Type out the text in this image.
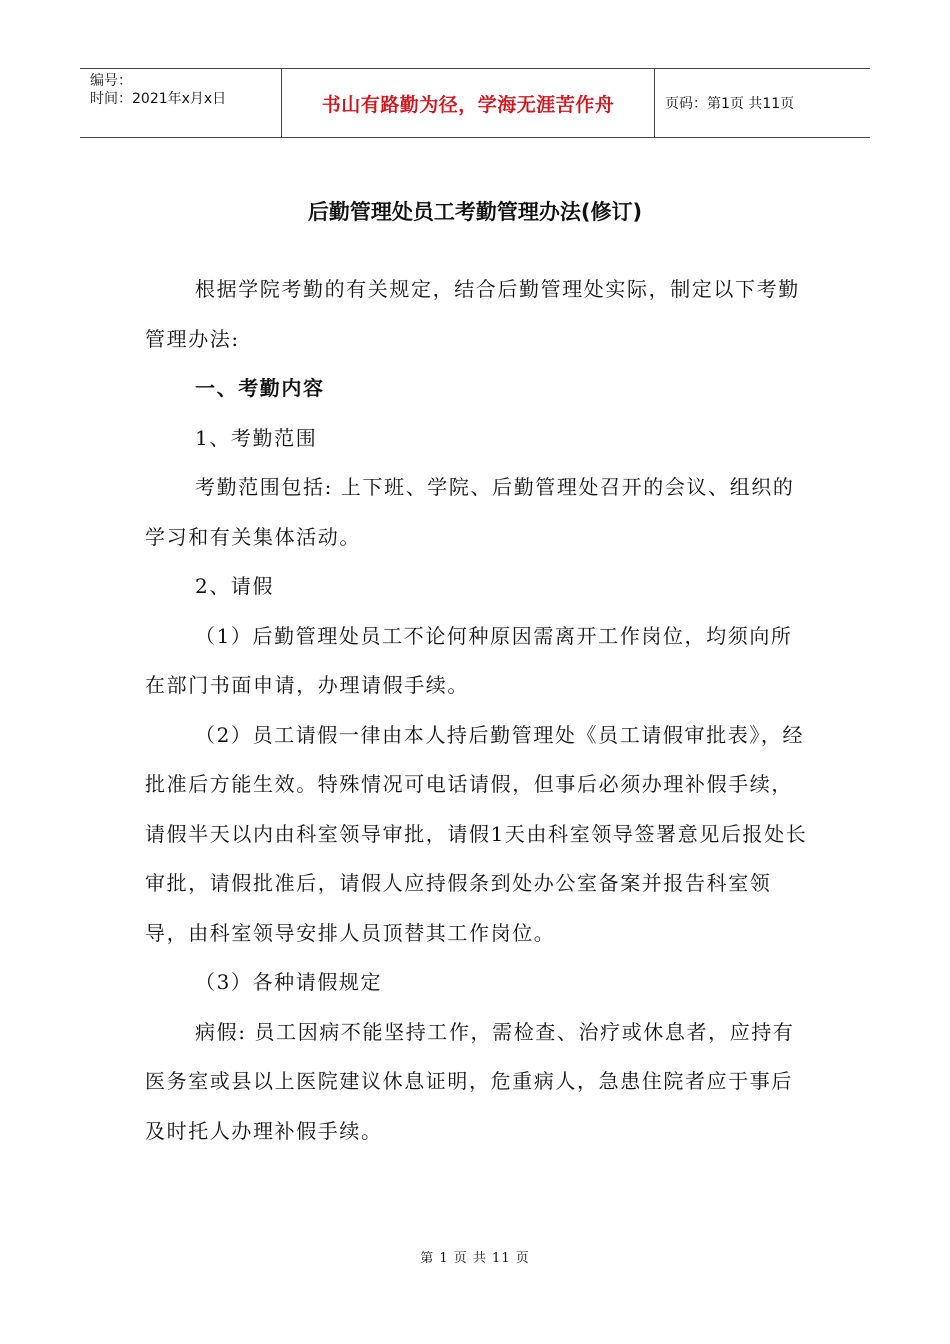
编号：
时间：2021年x月x日	书山有路勤为径，学海无涯苦作舟	页码：第1页 共11页
后勤管理处员工考勤管理办法(修订)

根据学院考勤的有关规定，结合后勤管理处实际，制定以下考勤管理办法:

一、考勤内容

1、考勤范围

考勤范围包括: 上下班、学院、后勤管理处召开的会议、组织的学习和有关集体活动。

2、请假

（1）后勤管理处员工不论何种原因需离开工作岗位，均须向所在部门书面申请，办理请假手续。

（2）员工请假一律由本人持后勤管理处《员工请假审批表》，经批准后方能生效。特殊情况可电话请假，但事后必须办理补假手续，请假半天以内由科室领导审批，请假1天由科室领导签署意见后报处长审批，请假批准后，请假人应持假条到处办公室备案并报告科室领导，由科室领导安排人员顶替其工作岗位。

（3）各种请假规定

病假: 员工因病不能坚持工作，需检查、治疗或休息者，应持有医务室或县以上医院建议休息证明，危重病人，急患住院者应于事后及时托人办理补假手续。

第 1 页 共 11 页
